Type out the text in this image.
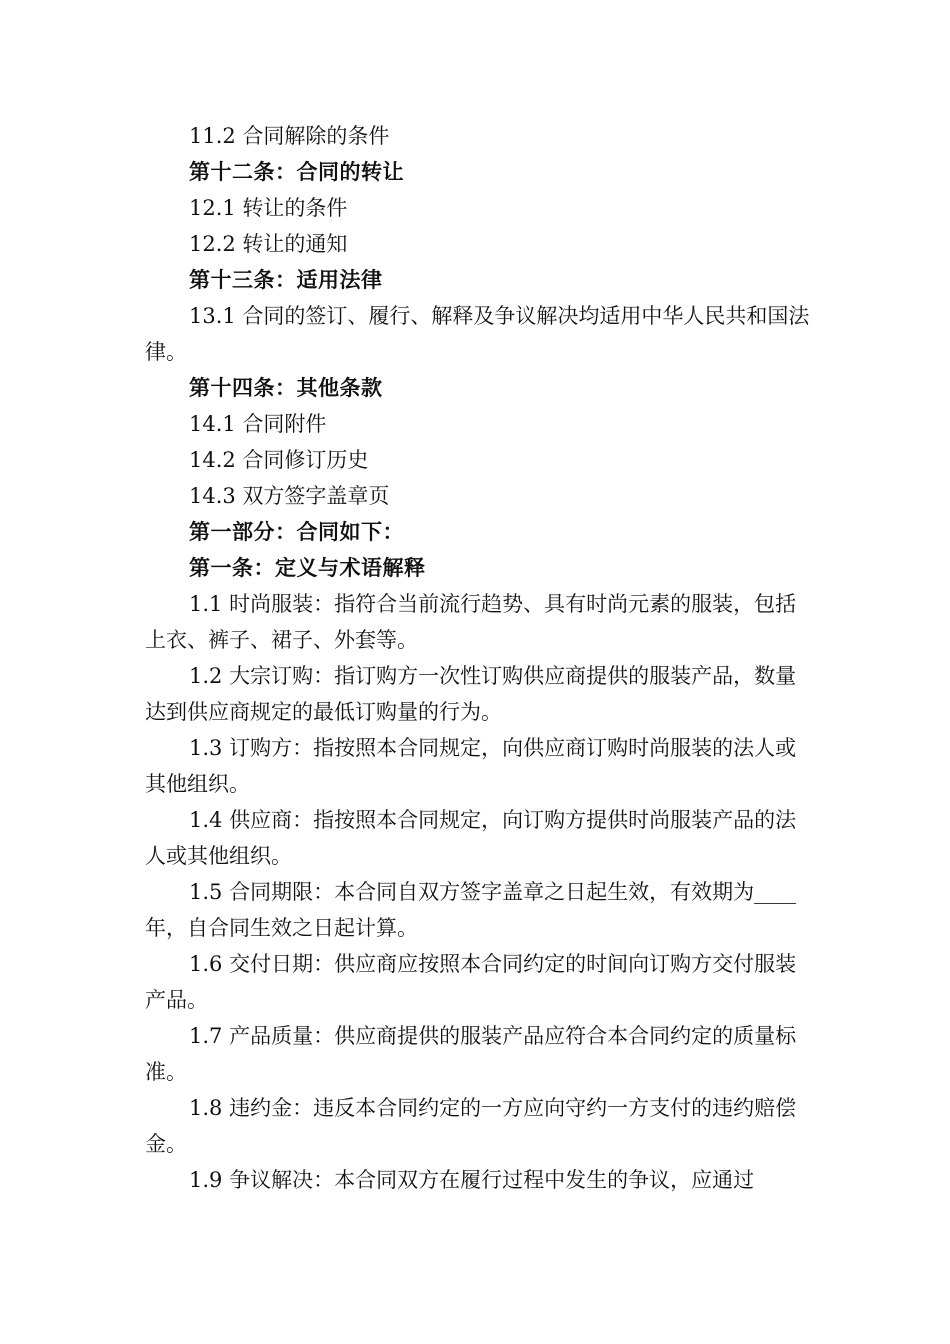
11.2 合同解除的条件

第十二条：合同的转让

12.1 转让的条件

12.2 转让的通知

第十三条：适用法律

13.1 合同的签订、履行、解释及争议解决均适用中华人民共和国法律。

第十四条：其他条款

14.1 合同附件

14.2 合同修订历史

14.3 双方签字盖章页

第一部分：合同如下：

第一条：定义与术语解释

1.1 时尚服装：指符合当前流行趋势、具有时尚元素的服装，包括上衣、裤子、裙子、外套等。

1.2 大宗订购：指订购方一次性订购供应商提供的服装产品，数量达到供应商规定的最低订购量的行为。

1.3 订购方：指按照本合同规定，向供应商订购时尚服装的法人或其他组织。

1.4 供应商：指按照本合同规定，向订购方提供时尚服装产品的法人或其他组织。

1.5 合同期限：本合同自双方签字盖章之日起生效，有效期为____年，自合同生效之日起计算。

1.6 交付日期：供应商应按照本合同约定的时间向订购方交付服装产品。

1.7 产品质量：供应商提供的服装产品应符合本合同约定的质量标准。

1.8 违约金：违反本合同约定的一方应向守约一方支付的违约赔偿金。

1.9 争议解决：本合同双方在履行过程中发生的争议，应通过
